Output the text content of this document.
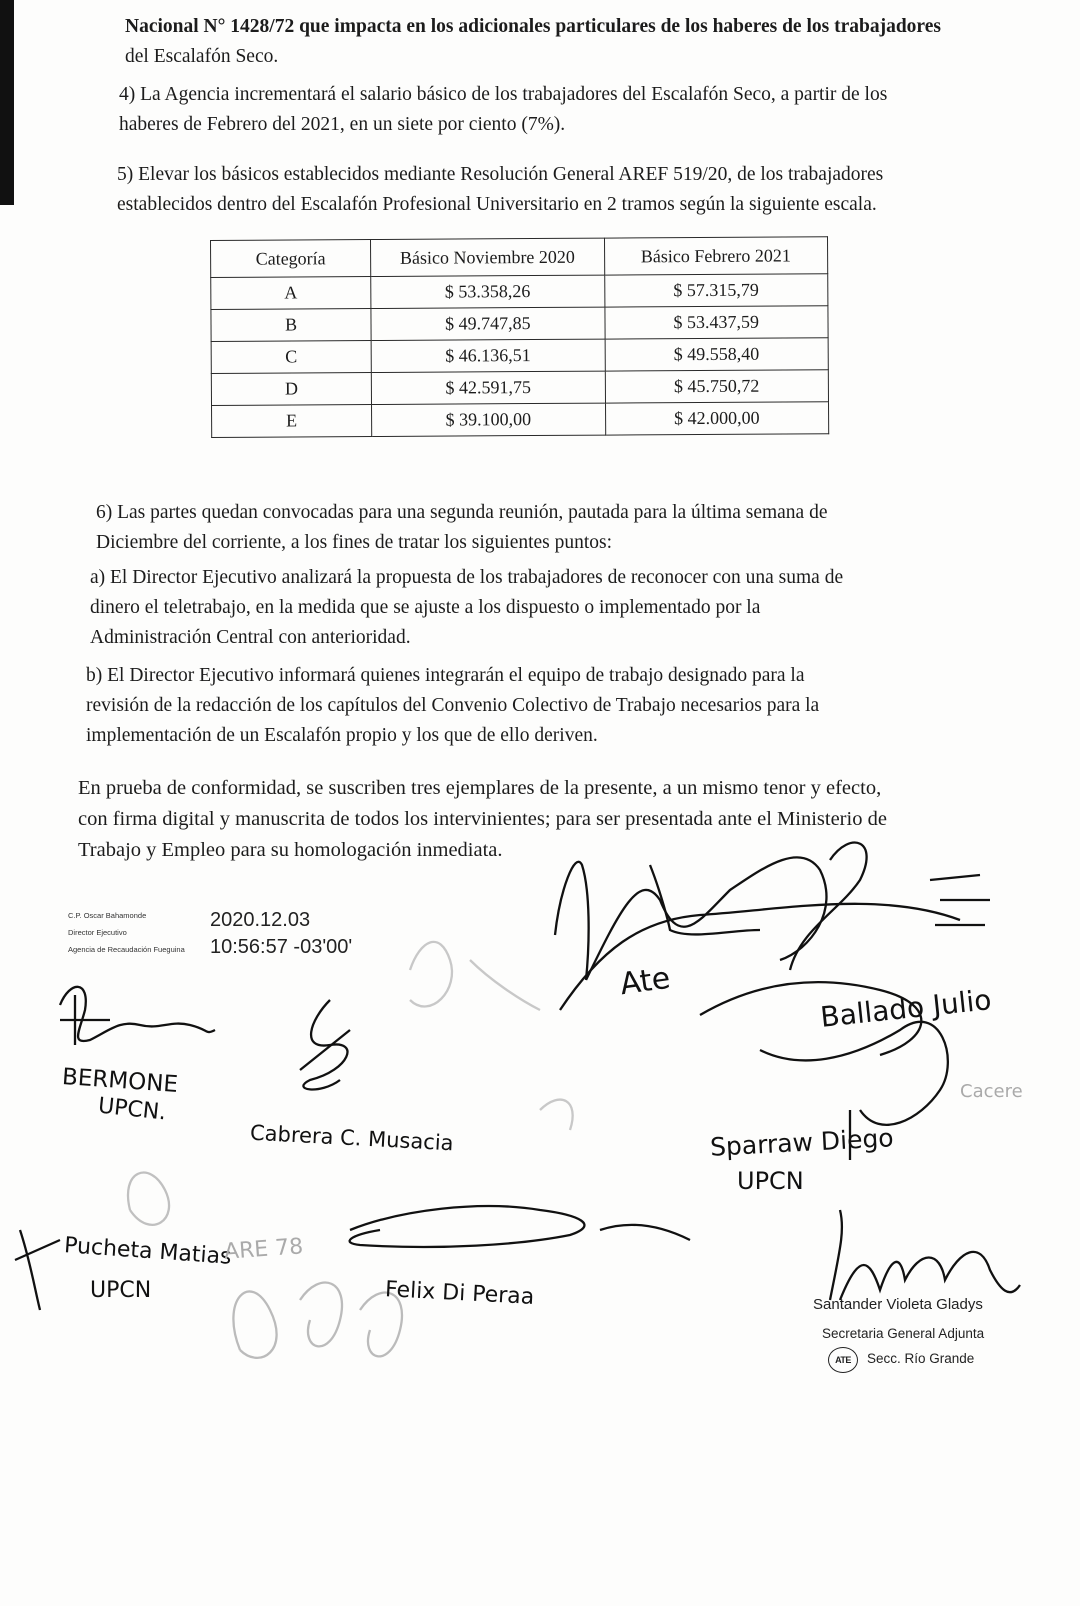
Nacional N° 1428/72 que impacta en los adicionales particulares de los haberes de los trabajadores
del Escalafón Seco.
4) La Agencia incrementará el salario básico de los trabajadores del Escalafón Seco, a partir de los
haberes de Febrero del 2021, en un siete por ciento (7%).
5) Elevar los básicos establecidos mediante Resolución General AREF 519/20, de los trabajadores
establecidos dentro del Escalafón Profesional Universitario en 2 tramos según la siguiente escala.
Categoría	Básico Noviembre 2020	Básico Febrero 2021
A	$ 53.358,26	$ 57.315,79
B	$ 49.747,85	$ 53.437,59
C	$ 46.136,51	$ 49.558,40
D	$ 42.591,75	$ 45.750,72
E	$ 39.100,00	$ 42.000,00
6) Las partes quedan convocadas para una segunda reunión, pautada para la última semana de
Diciembre del corriente, a los fines de tratar los siguientes puntos:
a) El Director Ejecutivo analizará la propuesta de los trabajadores de reconocer con una suma de
dinero el teletrabajo, en la medida que se ajuste a los dispuesto o implementado por la
Administración Central con anterioridad.
b) El Director Ejecutivo informará quienes integrarán el equipo de trabajo designado para la
revisión de la redacción de los capítulos del Convenio Colectivo de Trabajo necesarios para la
implementación de un Escalafón propio y los que de ello deriven.
En prueba de conformidad, se suscriben tres ejemplares de la presente, a un mismo tenor y efecto,
con firma digital y manuscrita de todos los intervinientes; para ser presentada ante el Ministerio de
Trabajo y Empleo para su homologación inmediata.
C.P. Oscar Bahamonde
Director Ejecutivo
Agencia de Recaudación Fueguina
2020.12.03
10:56:57 -03'00'
BERMONE
UPCN.
Cabrera C. Musacia	Sparraw Diego
UPCN
Pucheta Matias
ARE 78
UPCN	Felix Di Peraa
Ate
Ballado Julio
Cacere
Santander Violeta Gladys
Secretaria General Adjunta
ATE	Secc. Río Grande
